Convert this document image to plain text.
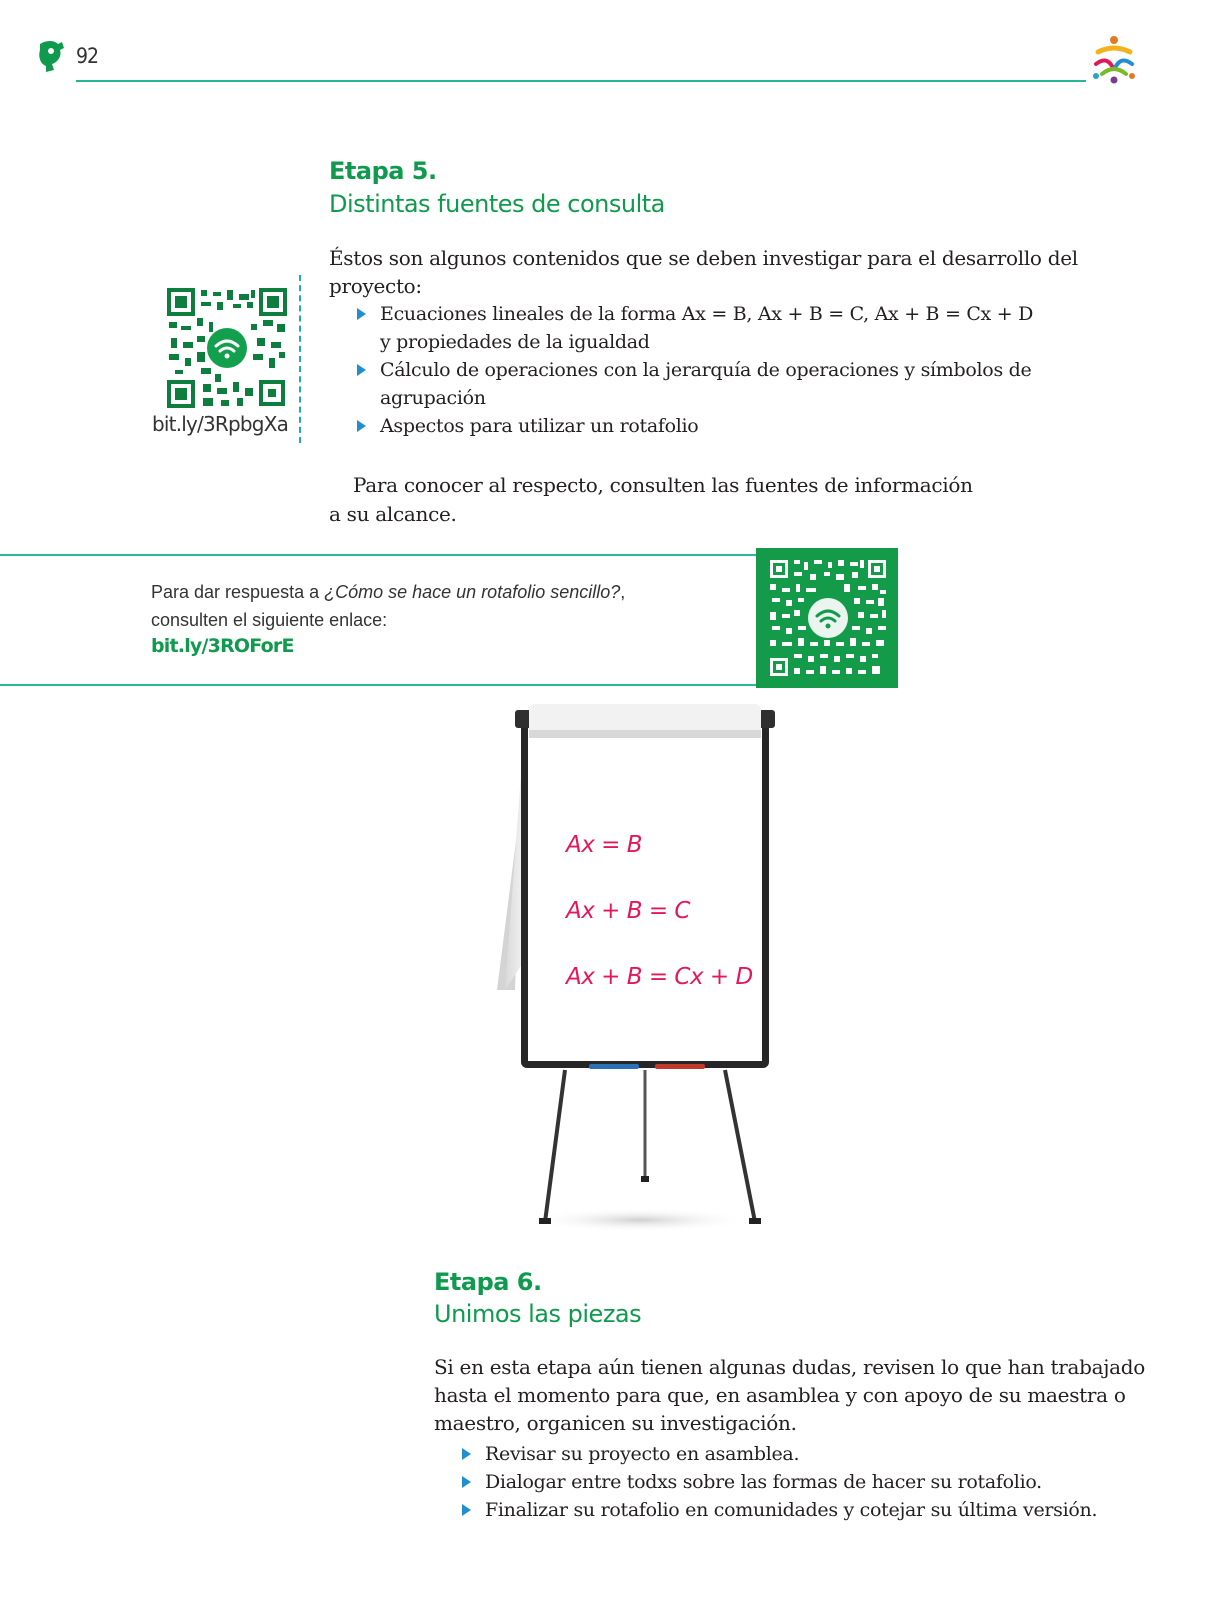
92
Etapa 5.
Distintas fuentes de consulta
Éstos son algunos contenidos que se deben investigar para el desarrollo del
proyecto:
Ecuaciones lineales de la forma Ax = B, Ax + B = C, Ax + B = Cx + D
y propiedades de la igualdad
Cálculo de operaciones con la jerarquía de operaciones y símbolos de
agrupación
Aspectos para utilizar un rotafolio
Para conocer al respecto, consulten las fuentes de información
a su alcance.
bit.ly/3RpbgXa
Para dar respuesta a ¿Cómo se hace un rotafolio sencillo?,
consulten el siguiente enlace:
bit.ly/3ROForE
Ax = B
Ax + B = C
Ax + B = Cx + D
Etapa 6.
Unimos las piezas
Si en esta etapa aún tienen algunas dudas, revisen lo que han trabajado
hasta el momento para que, en asamblea y con apoyo de su maestra o
maestro, organicen su investigación.
Revisar su proyecto en asamblea.
Dialogar entre todxs sobre las formas de hacer su rotafolio.
Finalizar su rotafolio en comunidades y cotejar su última versión.
